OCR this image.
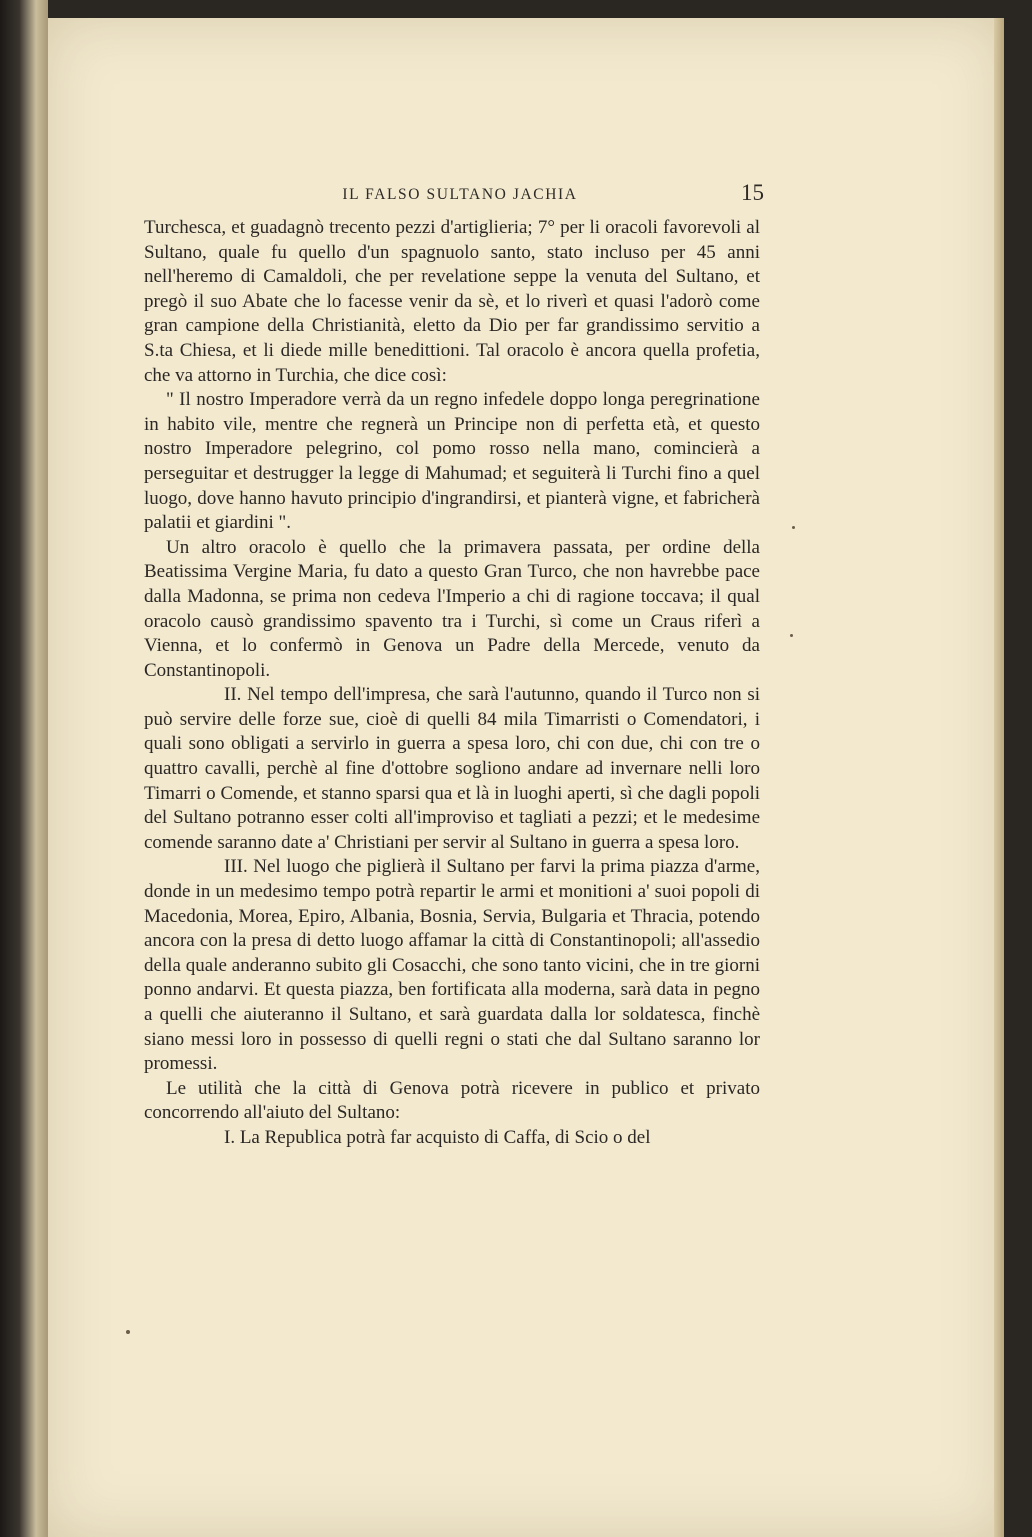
IL FALSO SULTANO JACHIA	15

Turchesca, et guadagnò trecento pezzi d'artiglieria; 7° per li oracoli favorevoli al Sultano, quale fu quello d'un spagnuolo santo, stato incluso per 45 anni nell'heremo di Camaldoli, che per revelatione seppe la venuta del Sultano, et pregò il suo Abate che lo facesse venir da sè, et lo riverì et quasi l'adorò come gran campione della Christianità, eletto da Dio per far grandissimo servitio a S.ta Chiesa, et li diede mille benedittioni. Tal oracolo è ancora quella profetia, che va attorno in Turchia, che dice così:

" Il nostro Imperadore verrà da un regno infedele doppo longa peregrinatione in habito vile, mentre che regnerà un Principe non di perfetta età, et questo nostro Imperadore pelegrino, col pomo rosso nella mano, comincierà a perseguitar et destrugger la legge di Mahumad; et seguiterà li Turchi fino a quel luogo, dove hanno havuto principio d'ingrandirsi, et pianterà vigne, et fabricherà palatii et giardini ".

Un altro oracolo è quello che la primavera passata, per ordine della Beatissima Vergine Maria, fu dato a questo Gran Turco, che non havrebbe pace dalla Madonna, se prima non cedeva l'Imperio a chi di ragione toccava; il qual oracolo causò grandissimo spavento tra i Turchi, sì come un Craus riferì a Vienna, et lo confermò in Genova un Padre della Mercede, venuto da Constantinopoli.

II. Nel tempo dell'impresa, che sarà l'autunno, quando il Turco non si può servire delle forze sue, cioè di quelli 84 mila Timarristi o Comendatori, i quali sono obligati a servirlo in guerra a spesa loro, chi con due, chi con tre o quattro cavalli, perchè al fine d'ottobre sogliono andare ad invernare nelli loro Timarri o Comende, et stanno sparsi qua et là in luoghi aperti, sì che dagli popoli del Sultano potranno esser colti all'improviso et tagliati a pezzi; et le medesime comende saranno date a' Christiani per servir al Sultano in guerra a spesa loro.

III. Nel luogo che piglierà il Sultano per farvi la prima piazza d'arme, donde in un medesimo tempo potrà repartir le armi et monitioni a' suoi popoli di Macedonia, Morea, Epiro, Albania, Bosnia, Servia, Bulgaria et Thracia, potendo ancora con la presa di detto luogo affamar la città di Constantinopoli; all'assedio della quale anderanno subito gli Cosacchi, che sono tanto vicini, che in tre giorni ponno andarvi. Et questa piazza, ben fortificata alla moderna, sarà data in pegno a quelli che aiuteranno il Sultano, et sarà guardata dalla lor soldatesca, finchè siano messi loro in possesso di quelli regni o stati che dal Sultano saranno lor promessi.

Le utilità che la città di Genova potrà ricevere in publico et privato concorrendo all'aiuto del Sultano:

I. La Republica potrà far acquisto di Caffa, di Scio o del
